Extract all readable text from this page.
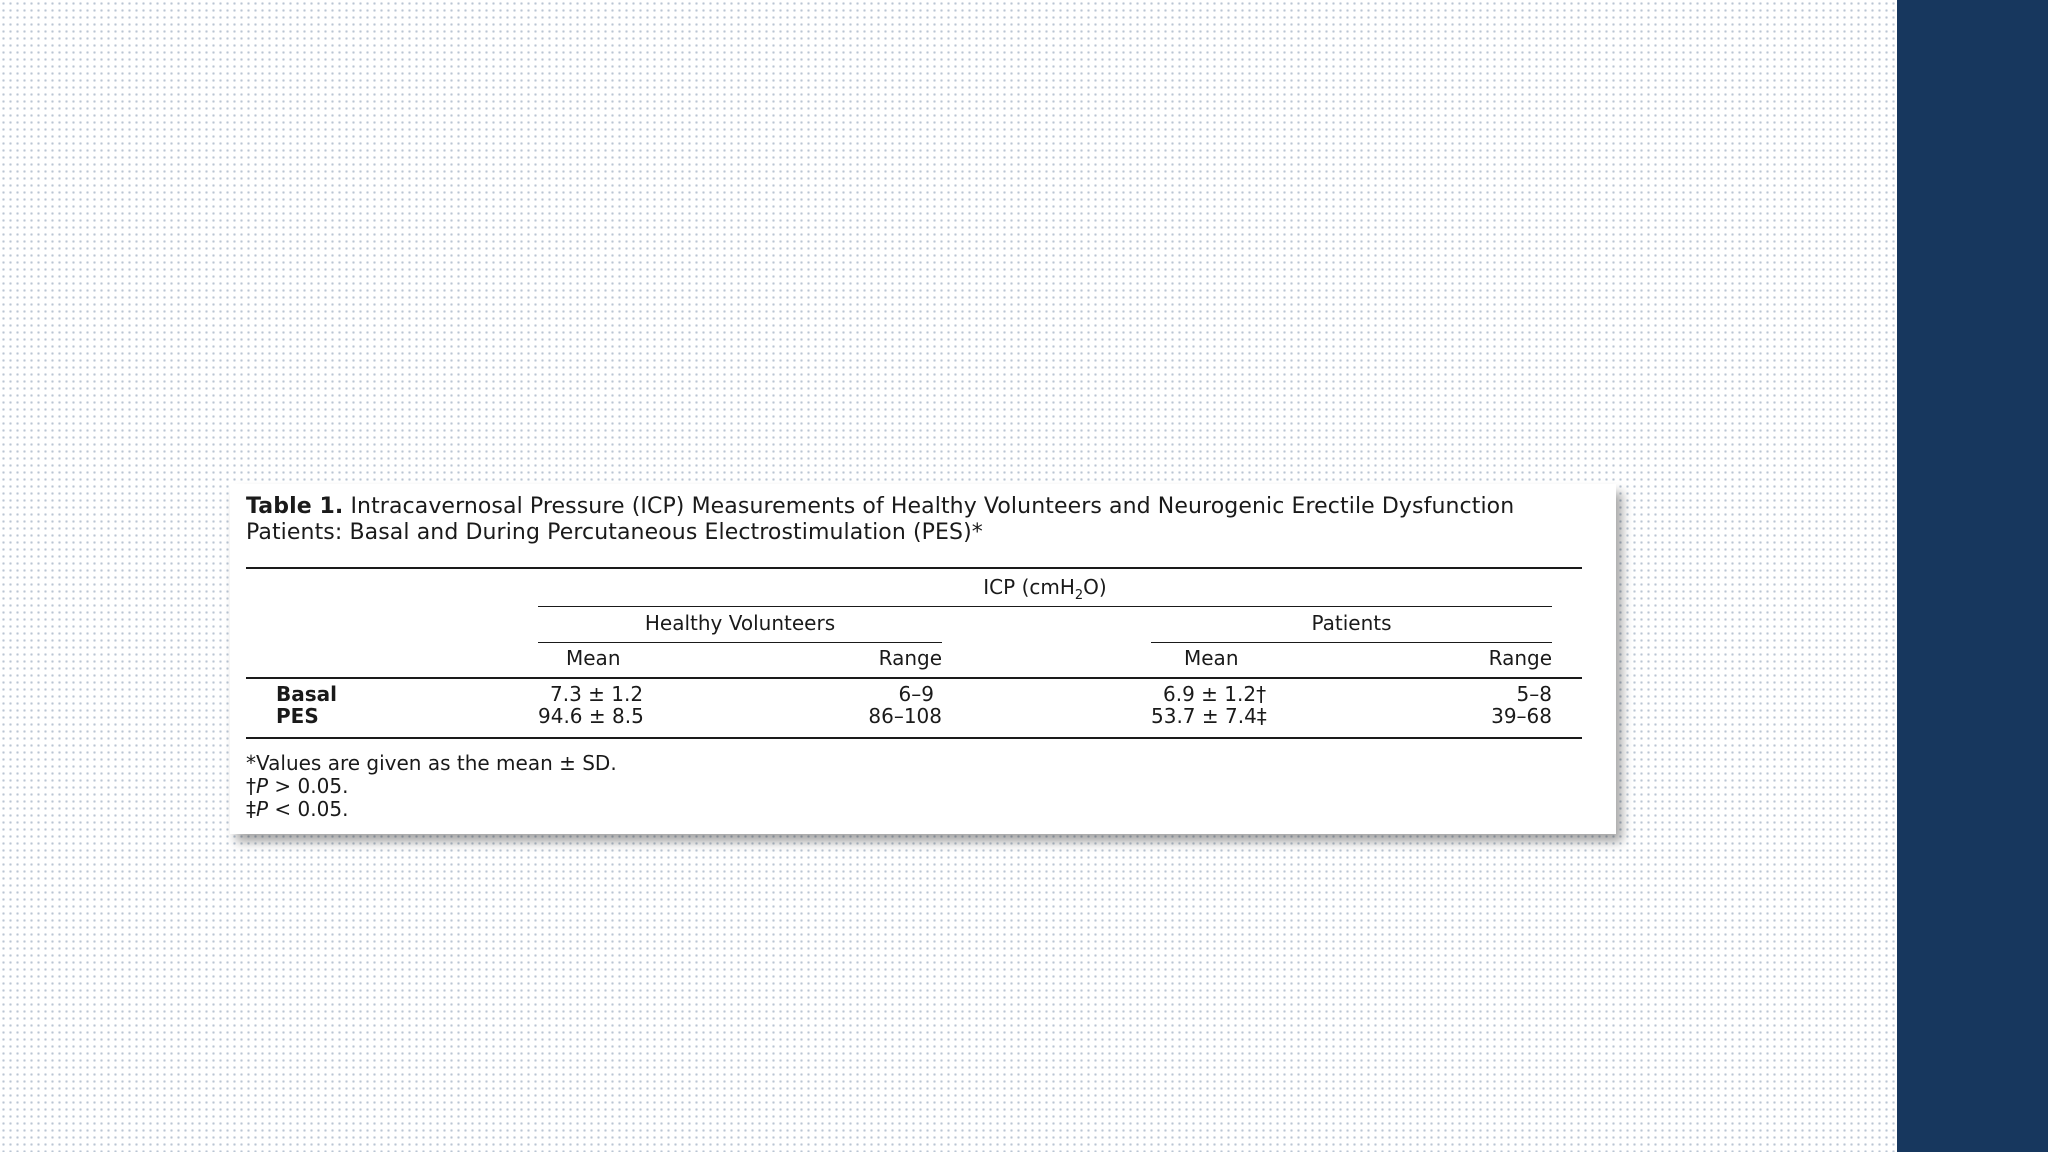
Table 1. Intracavernosal Pressure (ICP) Measurements of Healthy Volunteers and Neurogenic Erectile Dysfunction
Patients: Basal and During Percutaneous Electrostimulation (PES)*
ICP (cmH$_2$O)
Healthy Volunteers	Patients
Mean	Range	Mean	Range
Basal	7.3 ± 1.2	6–9	6.9 ± 1.2†	5–8
PES	94.6 ± 8.5	86–108	53.7 ± 7.4‡	39–68
*Values are given as the mean ± SD.
†P > 0.05.
‡P < 0.05.
